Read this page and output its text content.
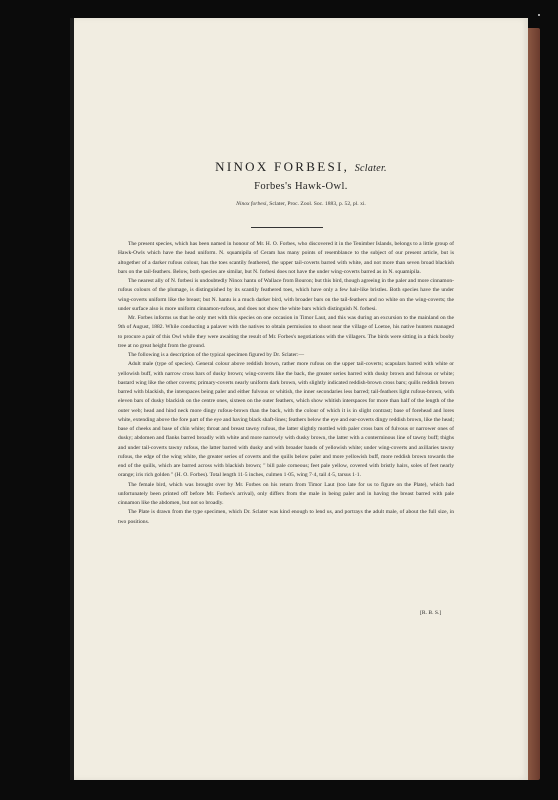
NINOX FORBESI, Sclater.
Forbes's Hawk-Owl.
Ninox forbesi, Sclater, Proc. Zool. Soc. 1883, p. 52, pl. xi.

The present species, which has been named in honour of Mr. H. O. Forbes, who discovered it in the Tenimber Islands, belongs to a little group of Hawk-Owls which have the head uniform. N. squamipila of Ceram has many points of resemblance to the subject of our present article, but is altogether of a darker rufous colour, has the toes scantily feathered, the upper tail-coverts barred with white, and not more than seven broad blackish bars on the tail-feathers. Below, both species are similar, but N. forbesi does not have the under wing-coverts barred as in N. squamipila.

The nearest ally of N. forbesi is undoubtedly Ninox hantu of Wallace from Bouron; but this bird, though agreeing in the paler and more cinnamon-rufous colours of the plumage, is distinguished by its scantily feathered toes, which have only a few hair-like bristles. Both species have the under wing-coverts uniform like the breast; but N. hantu is a much darker bird, with broader bars on the tail-feathers and no white on the wing-coverts; the under surface also is more uniform cinnamon-rufous, and does not show the white bars which distinguish N. forbesi.

Mr. Forbes informs us that he only met with this species on one occasion in Timor Laut, and this was during an excursion to the mainland on the 9th of August, 1882. While conducting a palaver with the natives to obtain permission to shoot near the village of Loetoe, his native hunters managed to procure a pair of this Owl while they were awaiting the result of Mr. Forbes's negotiations with the villagers. The birds were sitting in a thick booby tree at no great height from the ground.

The following is a description of the typical specimen figured by Dr. Sclater:—

Adult male (type of species). General colour above reddish brown, rather more rufous on the upper tail-coverts; scapulars barred with white or yellowish buff, with narrow cross bars of dusky brown; wing-coverts like the back, the greater series barred with dusky brown and fulvous or white; bastard wing like the other coverts; primary-coverts nearly uniform dark brown, with slightly indicated reddish-brown cross bars; quills reddish brown barred with blackish, the interspaces being paler and either fulvous or whitish, the inner secondaries less barred; tail-feathers light rufous-brown, with eleven bars of dusky blackish on the centre ones, sixteen on the outer feathers, which show whitish interspaces for more than half of the length of the outer web; head and hind neck more dingy rufous-brown than the back, with the colour of which it is in slight contrast; base of forehead and lores white, extending above the fore part of the eye and having black shaft-lines; feathers below the eye and ear-coverts dingy reddish brown, like the head; base of cheeks and base of chin white; throat and breast tawny rufous, the latter slightly mottled with paler cross bars of fulvous or narrower ones of dusky; abdomen and flanks barred broadly with white and more narrowly with dusky brown, the latter with a conterminous line of tawny buff; thighs and under tail-coverts tawny rufous, the latter barred with dusky and with broader bands of yellowish white; under wing-coverts and axillaries tawny rufous, the edge of the wing white, the greater series of coverts and the quills below paler and more yellowish buff, more reddish brown towards the end of the quills, which are barred across with blackish brown; " bill pale corneous; feet pale yellow, covered with bristly hairs, soles of feet nearly orange; iris rich golden " (H. O. Forbes). Total length 11·5 inches, culmen 1·05, wing 7·4, tail 4·5, tarsus 1·1.

The female bird, which was brought over by Mr. Forbes on his return from Timor Laut (too late for us to figure on the Plate), which had unfortunately been printed off before Mr. Forbes's arrival), only differs from the male in being paler and in having the breast barred with pale cinnamon like the abdomen, but not so broadly.

The Plate is drawn from the type specimen, which Dr. Sclater was kind enough to lend us, and portrays the adult male, of about the full size, in two positions.

[R. B. S.]
